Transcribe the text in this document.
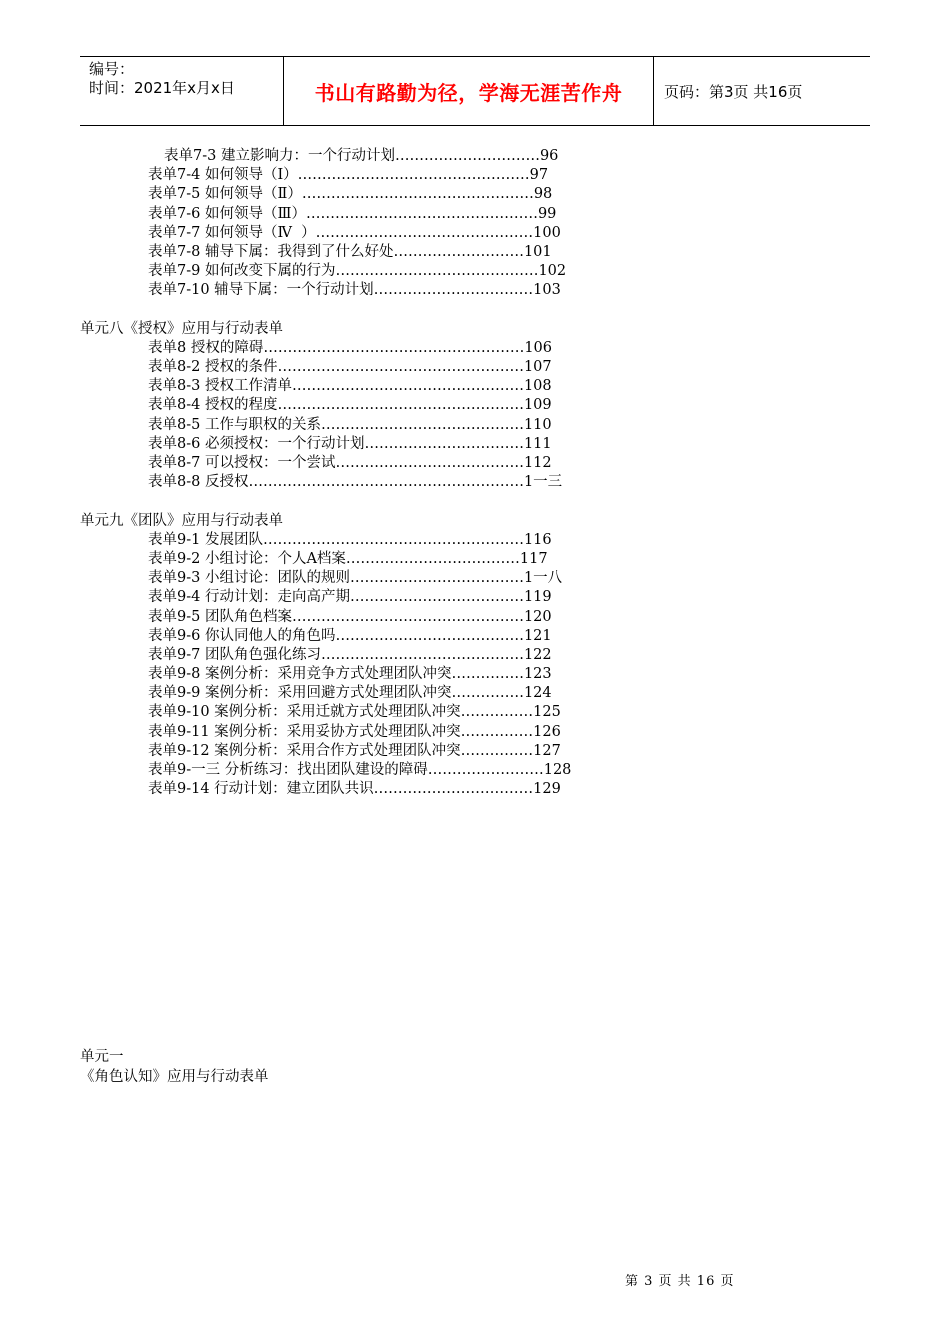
编号：
时间：2021年x月x日	书山有路勤为径，学海无涯苦作舟	页码：第3页 共16页
表单7-3 建立影响力：一个行动计划…………………………96
表单7-4 如何领导（Ⅰ）…………………………………………97
表单7-5 如何领导（Ⅱ）…………………………………………98
表单7-6 如何领导（Ⅲ）…………………………………………99
表单7-7 如何领导（Ⅳ  ）………………………………………100
表单7-8 辅导下属：我得到了什么好处………………………101
表单7-9 如何改变下属的行为……………………………………102
表单7-10 辅导下属：一个行动计划……………………………103
单元八《授权》应用与行动表单
表单8 授权的障碍………………………………………………106
表单8-2 授权的条件……………………………………………107
表单8-3 授权工作清单…………………………………………108
表单8-4 授权的程度……………………………………………109
表单8-5 工作与职权的关系……………………………………110
表单8-6 必须授权：一个行动计划……………………………111
表单8-7 可以授权：一个尝试…………………………………112
表单8-8 反授权…………………………………………………1一三
单元九《团队》应用与行动表单
表单9-1 发展团队………………………………………………116
表单9-2 小组讨论：个人A档案………………………………117
表单9-3 小组讨论：团队的规则………………………………1一八
表单9-4 行动计划：走向高产期………………………………119
表单9-5 团队角色档案…………………………………………120
表单9-6 你认同他人的角色吗…………………………………121
表单9-7 团队角色强化练习……………………………………122
表单9-8 案例分析：采用竞争方式处理团队冲突……………123
表单9-9 案例分析：采用回避方式处理团队冲突……………124
表单9-10 案例分析：采用迁就方式处理团队冲突……………125
表单9-11 案例分析：采用妥协方式处理团队冲突……………126
表单9-12 案例分析：采用合作方式处理团队冲突……………127
表单9-一三 分析练习：找出团队建设的障碍……………………128
表单9-14 行动计划：建立团队共识……………………………129
单元一
《角色认知》应用与行动表单
第 3 页 共 16 页
